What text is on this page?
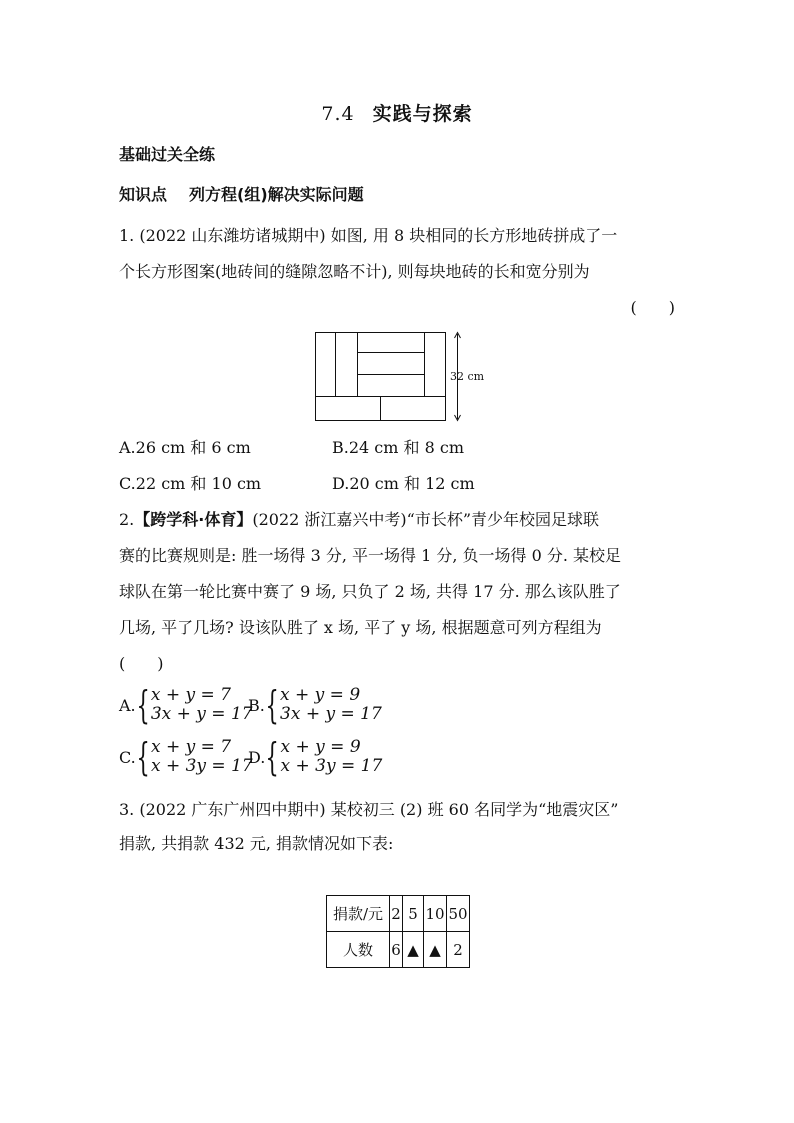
7.4 实践与探索
基础过关全练
知识点 列方程(组)解决实际问题
1. (2022 山东潍坊诸城期中) 如图, 用 8 块相同的长方形地砖拼成了一
个长方形图案(地砖间的缝隙忽略不计), 则每块地砖的长和宽分别为
(　　)
32 cm
A.26 cm 和 6 cm	B.24 cm 和 8 cm
C.22 cm 和 10 cm	D.20 cm 和 12 cm
2.【跨学科·体育】(2022 浙江嘉兴中考)“市长杯”青少年校园足球联
赛的比赛规则是: 胜一场得 3 分, 平一场得 1 分, 负一场得 0 分. 某校足
球队在第一轮比赛中赛了 9 场, 只负了 2 场, 共得 17 分. 那么该队胜了
几场, 平了几场? 设该队胜了 x 场, 平了 y 场, 根据题意可列方程组为
(　　)
A. { x + y = 7
3x + y = 17
B. { x + y = 9
3x + y = 17
C. { x + y = 7
x + 3y = 17
D. { x + y = 9
x + 3y = 17
3. (2022 广东广州四中期中) 某校初三 (2) 班 60 名同学为“地震灾区”
捐款, 共捐款 432 元, 捐款情况如下表:
捐款/元	2	5	10	50
人数	6	▲	▲	2
